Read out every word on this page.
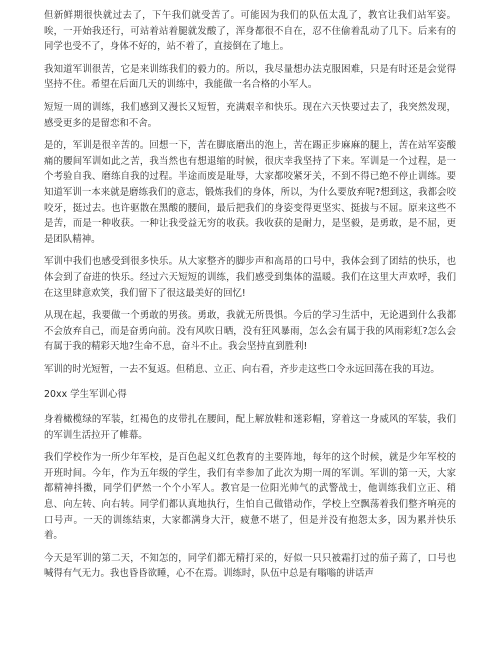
但新鲜期很快就过去了，下午我们就受苦了。可能因为我们的队伍太乱了，教官让我们站军姿。唉，一开始我还行，可站着站着腿就发酸了，浑身都很不自在，忍不住偷着乱动了几下。后来有的同学也受不了，身体不好的，站不着了，直接倒在了地上。

我知道军训很苦，它是来训练我们的毅力的。所以，我尽量想办法克服困难，只是有时还是会觉得坚持不住。希望在后面几天的训练中，我能做一名合格的小军人。

短短一周的训练，我们感到又漫长又短暂，充满艰辛和快乐。现在六天快要过去了，我突然发现，感受更多的是留恋和不舍。

是的，军训是很辛苦的。回想一下，苦在脚底磨出的泡上，苦在踢正步麻麻的腿上，苦在站军姿酸痛的腰间军训如此之苦，我当然也有想退缩的时候，很庆幸我坚持了下来。军训是一个过程，是一个考验自我、磨练自我的过程。半途而废是耻辱，大家都咬紧牙关，不到不得已绝不停止训练。要知道军训一本来就是磨练我们的意志，锻炼我们的身体，所以，为什么要放弃呢?想到这，我都会咬咬牙，挺过去。也许驱散在黑酸的腰间，最后把我们的身姿变得更坚实、挺拔与不屈。原来这些不是苦，而是一种收获。一种让我受益无穷的收获。我收获的是耐力，是坚毅，是勇敢，是不屈，更是团队精神。

军训中我们也感受到很多快乐。从大家整齐的脚步声和高昂的口号中，我体会到了团结的快乐，也体会到了奋进的快乐。经过六天短短的训练，我们感受到集体的温暖。我们在这里大声欢呼，我们在这里肆意欢笑，我们留下了很这最美好的回忆!

从现在起，我要做一个勇敢的男孩。勇敢，我就无所畏惧。今后的学习生活中，无论遇到什么我都不会放弃自己，而是奋勇向前。没有风吹日晒，没有狂风暴雨，怎么会有属于我的风雨彩虹?怎么会有属于我的精彩天地?生命不息，奋斗不止。我会坚持直到胜利!

军训的时光短暂，一去不复返。但稍息、立正、向右看，齐步走这些口令永远回荡在我的耳边。

20xx 学生军训心得

身着橄榄绿的军装，红褐色的皮带扎在腰间，配上解放鞋和迷彩帽，穿着这一身威风的军装，我们的军训生活拉开了帷幕。

我们学校作为一所少年军校，是百色起义红色教育的主要阵地，每年的这个时候，就是少年军校的开班时间。今年，作为五年级的学生，我们有幸参加了此次为期一周的军训。军训的第一天，大家都精神抖擞，同学们俨然一个个小军人。教官是一位阳光帅气的武警战士，他训练我们立正、稍息、向左转、向右转。同学们都认真地执行，生怕自己做错动作，学校上空飘荡着我们整齐响亮的口号声。一天的训练结束，大家都满身大汗，疲惫不堪了，但是并没有抱怨太多，因为累并快乐着。

今天是军训的第二天，不知怎的，同学们都无精打采的，好似一只只被霜打过的茄子蔫了，口号也喊得有气无力。我也昏昏欲睡，心不在焉。训练时，队伍中总是有嗡嗡的讲话声
